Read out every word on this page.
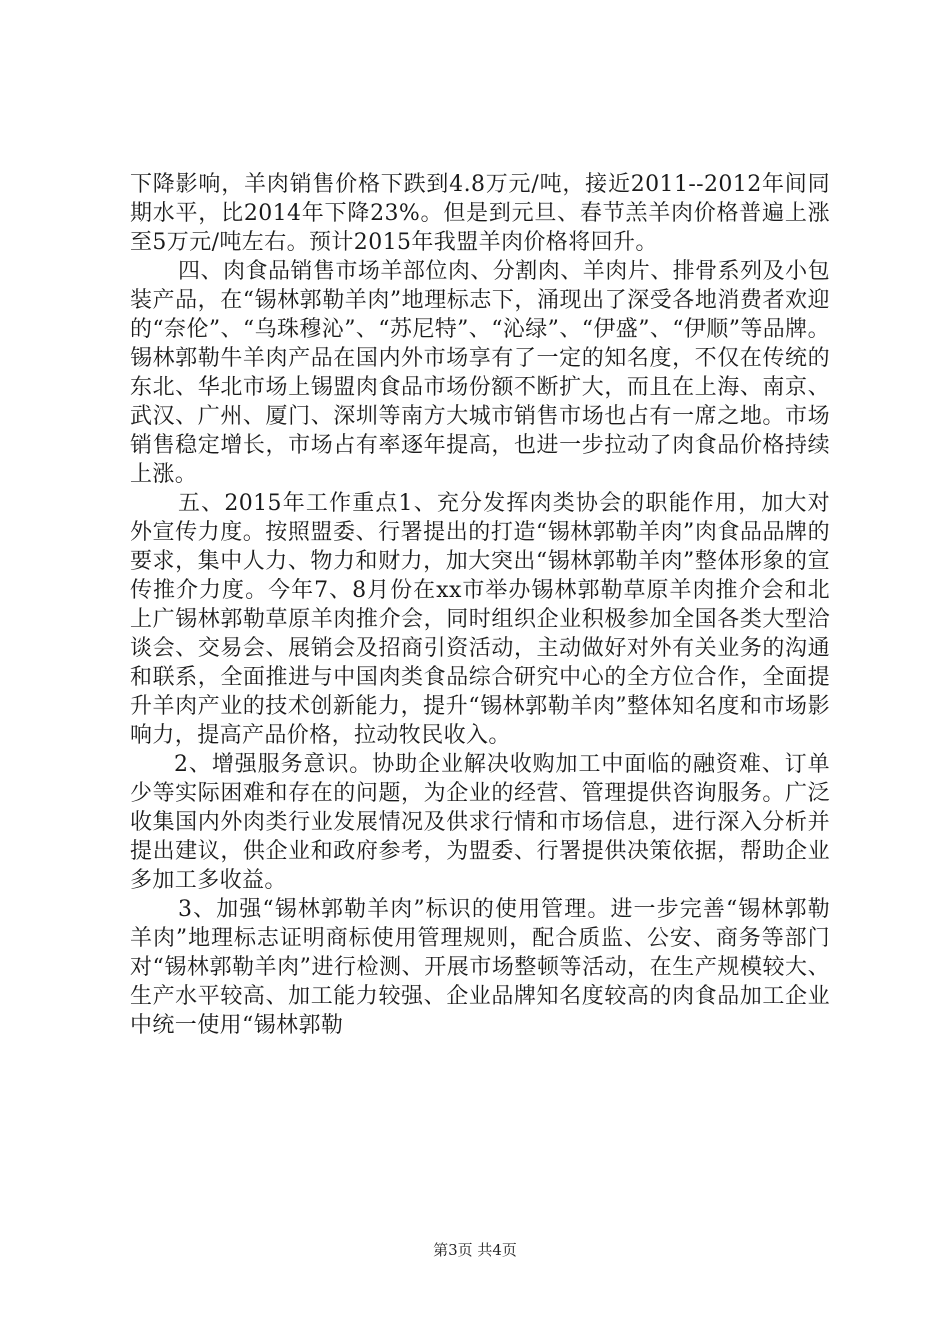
下降影响，羊肉销售价格下跌到4.8万元/吨，接近2011--2012年间同期水平，比2014年下降23%。但是到元旦、春节羔羊肉价格普遍上涨至5万元/吨左右。预计2015年我盟羊肉价格将回升。

四、肉食品销售市场羊部位肉、分割肉、羊肉片、排骨系列及小包装产品，在“锡林郭勒羊肉”地理标志下，涌现出了深受各地消费者欢迎的“奈伦”、“乌珠穆沁”、“苏尼特”、“沁绿”、“伊盛”、“伊顺”等品牌。锡林郭勒牛羊肉产品在国内外市场享有了一定的知名度，不仅在传统的东北、华北市场上锡盟肉食品市场份额不断扩大，而且在上海、南京、武汉、广州、厦门、深圳等南方大城市销售市场也占有一席之地。市场销售稳定增长，市场占有率逐年提高，也进一步拉动了肉食品价格持续上涨。

五、2015年工作重点1、充分发挥肉类协会的职能作用，加大对外宣传力度。按照盟委、行署提出的打造“锡林郭勒羊肉”肉食品品牌的要求，集中人力、物力和财力，加大突出“锡林郭勒羊肉”整体形象的宣传推介力度。今年7、8月份在xx市举办锡林郭勒草原羊肉推介会和北上广锡林郭勒草原羊肉推介会，同时组织企业积极参加全国各类大型洽谈会、交易会、展销会及招商引资活动，主动做好对外有关业务的沟通和联系，全面推进与中国肉类食品综合研究中心的全方位合作，全面提升羊肉产业的技术创新能力，提升“锡林郭勒羊肉”整体知名度和市场影响力，提高产品价格，拉动牧民收入。

2、增强服务意识。协助企业解决收购加工中面临的融资难、订单少等实际困难和存在的问题，为企业的经营、管理提供咨询服务。广泛收集国内外肉类行业发展情况及供求行情和市场信息，进行深入分析并提出建议，供企业和政府参考，为盟委、行署提供决策依据，帮助企业多加工多收益。

3、加强“锡林郭勒羊肉”标识的使用管理。进一步完善“锡林郭勒羊肉”地理标志证明商标使用管理规则，配合质监、公安、商务等部门对“锡林郭勒羊肉”进行检测、开展市场整顿等活动，在生产规模较大、生产水平较高、加工能力较强、企业品牌知名度较高的肉食品加工企业中统一使用“锡林郭勒

第3页 共4页
